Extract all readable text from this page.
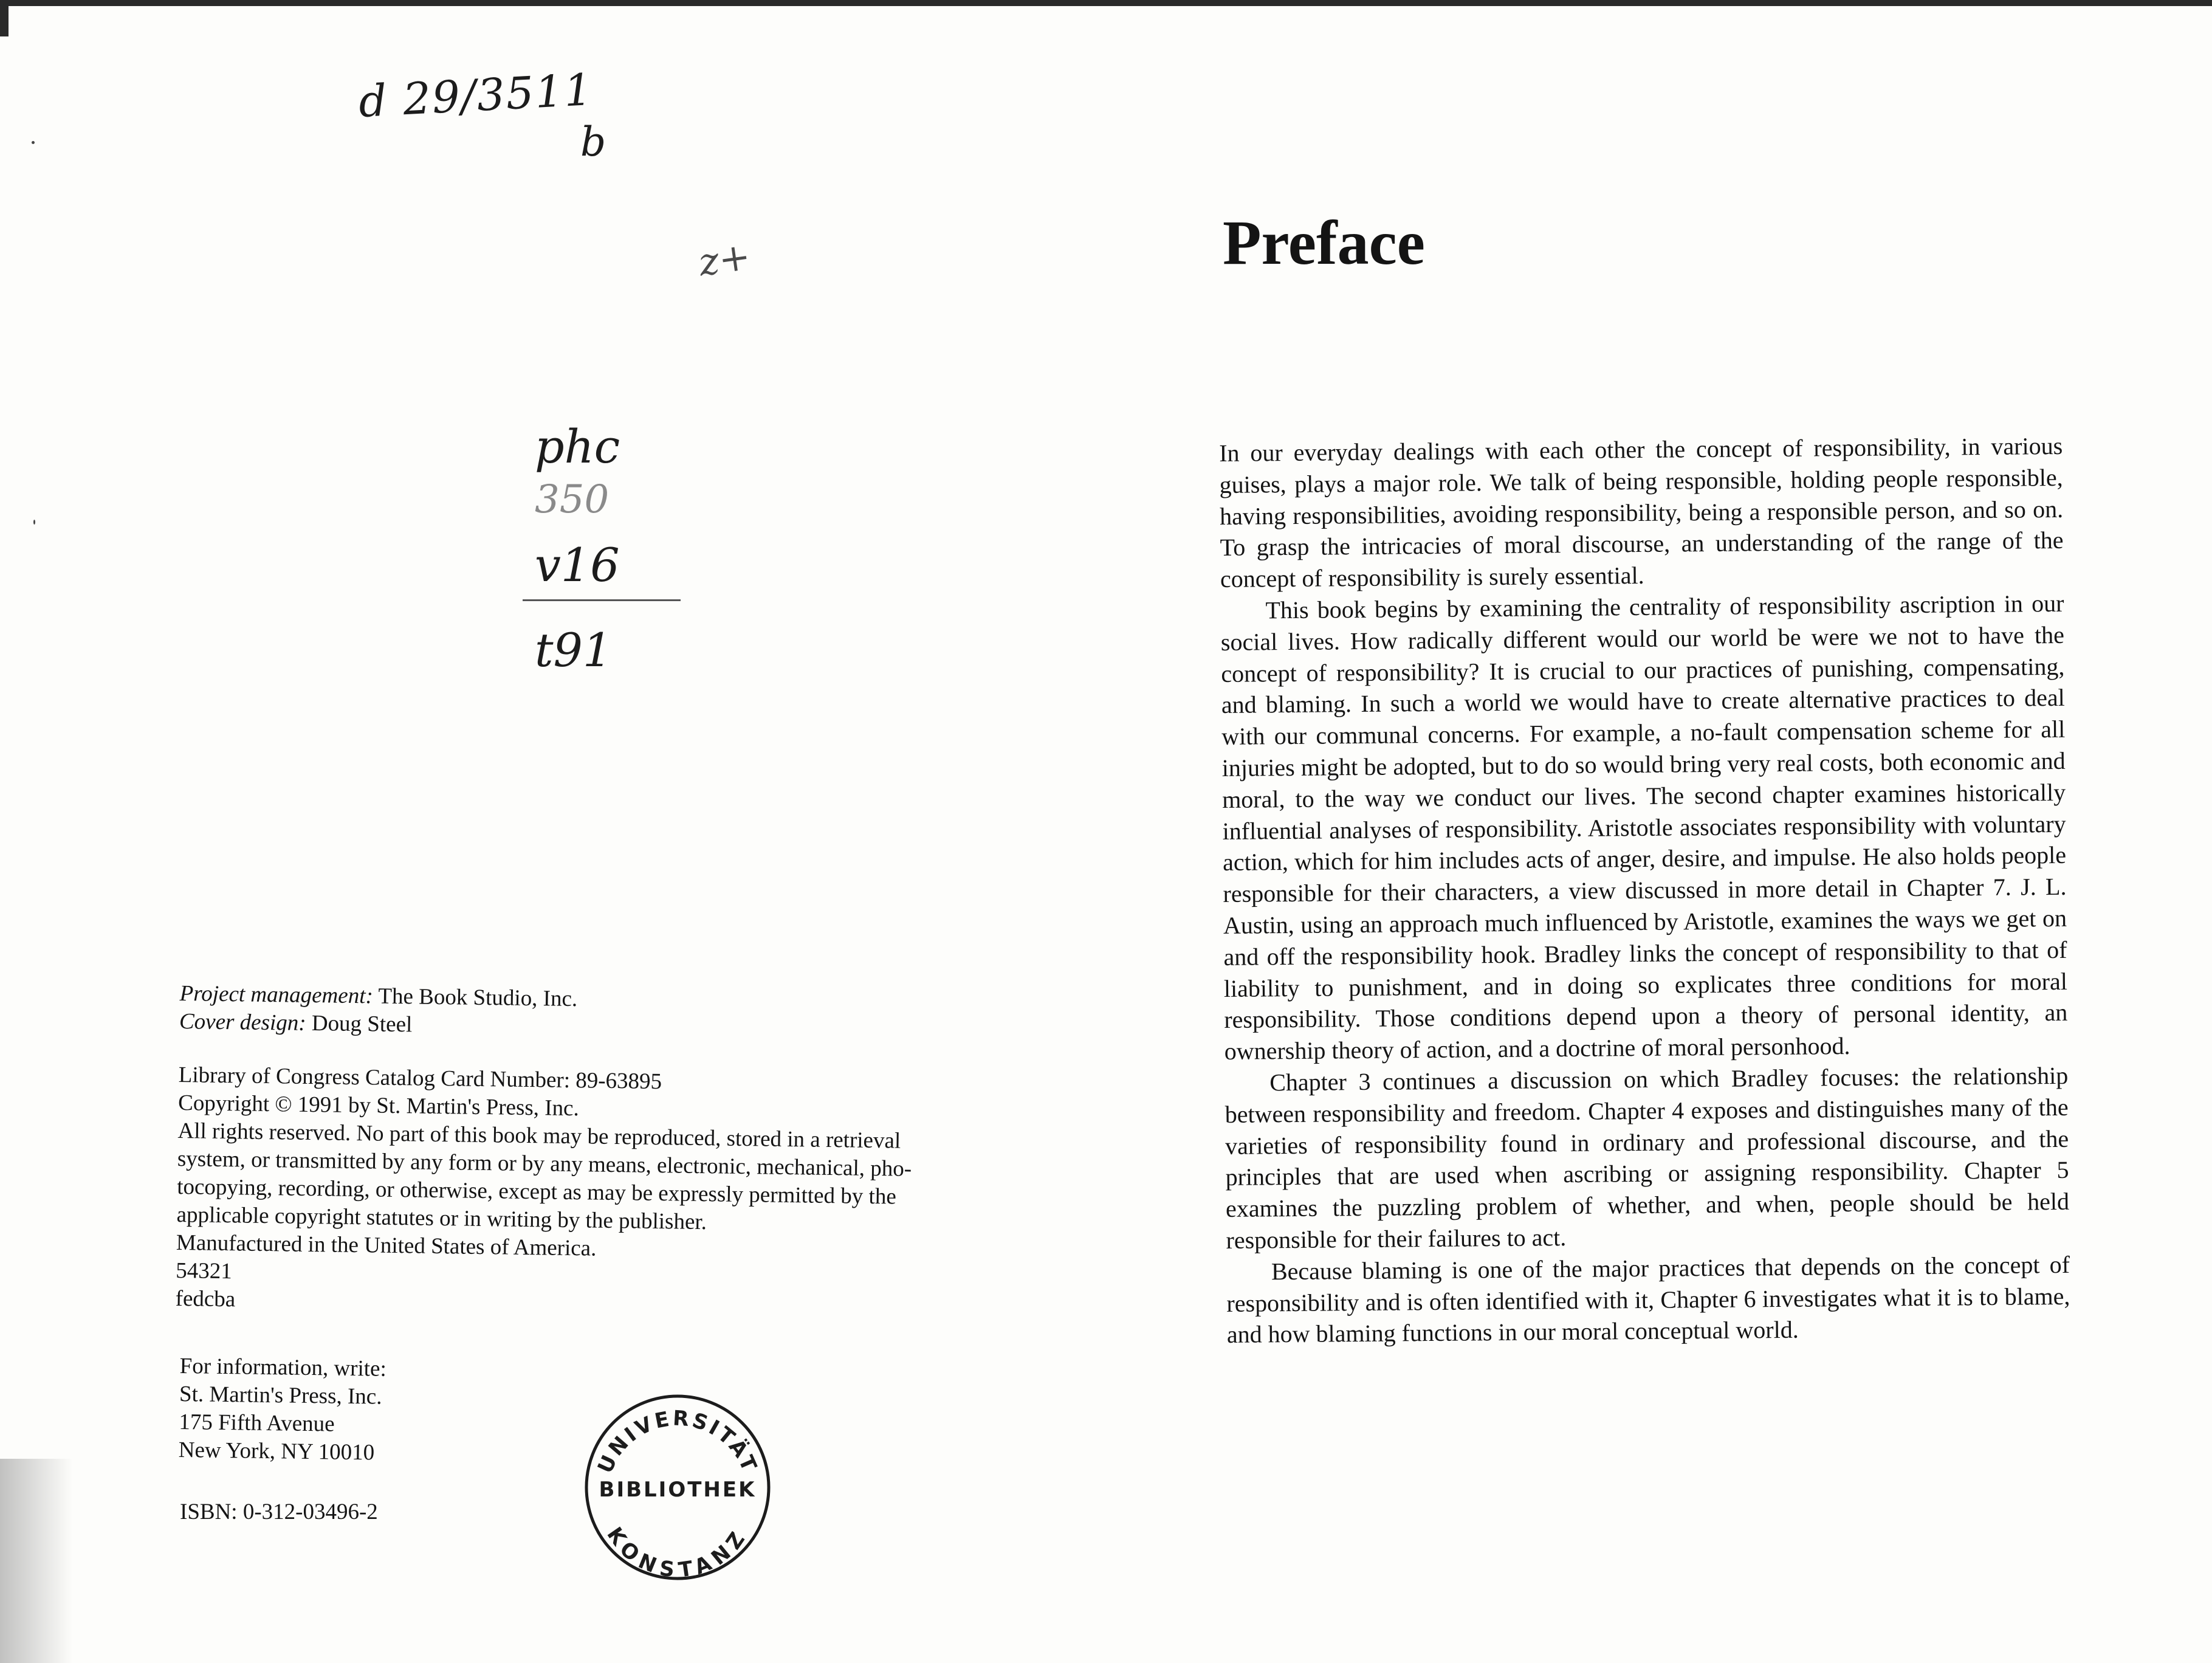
d 29/3511
b
z+
phc
350
v16
t91

Project management: The Book Studio, Inc.

Cover design: Doug Steel

Library of Congress Catalog Card Number: 89-63895

Copyright © 1991 by St. Martin's Press, Inc.

All rights reserved. No part of this book may be reproduced, stored in a retrieval

system, or transmitted by any form or by any means, electronic, mechanical, pho-

tocopying, recording, or otherwise, except as may be expressly permitted by the

applicable copyright statutes or in writing by the publisher.

Manufactured in the United States of America.

54321

fedcba

For information, write:

St. Martin's Press, Inc.

175 Fifth Avenue

New York, NY 10010

ISBN: 0-312-03496-2
UNIVERSITÄT
BIBLIOTHEK
KONSTANZ
Preface

In our everyday dealings with each other the concept of responsibility, in various guises, plays a major role. We talk of being responsible, holding people responsible, having responsibilities, avoiding responsibility, being a responsible person, and so on. To grasp the intricacies of moral discourse, an understanding of the range of the concept of responsibility is surely essential.

This book begins by examining the centrality of responsibility ascription in our social lives. How radically different would our world be were we not to have the concept of responsibility? It is crucial to our practices of punishing, compensating, and blaming. In such a world we would have to create alternative practices to deal with our communal concerns. For example, a no-fault compensation scheme for all injuries might be adopted, but to do so would bring very real costs, both economic and moral, to the way we conduct our lives. The second chapter examines historically influential analyses of responsibility. Aristotle associates responsibility with voluntary action, which for him includes acts of anger, desire, and impulse. He also holds people responsible for their characters, a view discussed in more detail in Chapter 7. J. L. Austin, using an approach much influenced by Aristotle, examines the ways we get on and off the responsibility hook. Bradley links the concept of responsibility to that of liability to punishment, and in doing so explicates three conditions for moral responsibility. Those conditions depend upon a theory of personal identity, an ownership theory of action, and a doctrine of moral personhood.

Chapter 3 continues a discussion on which Bradley focuses: the relationship between responsibility and freedom. Chapter 4 exposes and distinguishes many of the varieties of responsibility found in ordinary and professional discourse, and the principles that are used when ascribing or assigning responsibility. Chapter 5 examines the puzzling problem of whether, and when, people should be held responsible for their failures to act.

Because blaming is one of the major practices that depends on the concept of responsibility and is often identified with it, Chapter 6 investigates what it is to blame, and how blaming functions in our moral conceptual world.
